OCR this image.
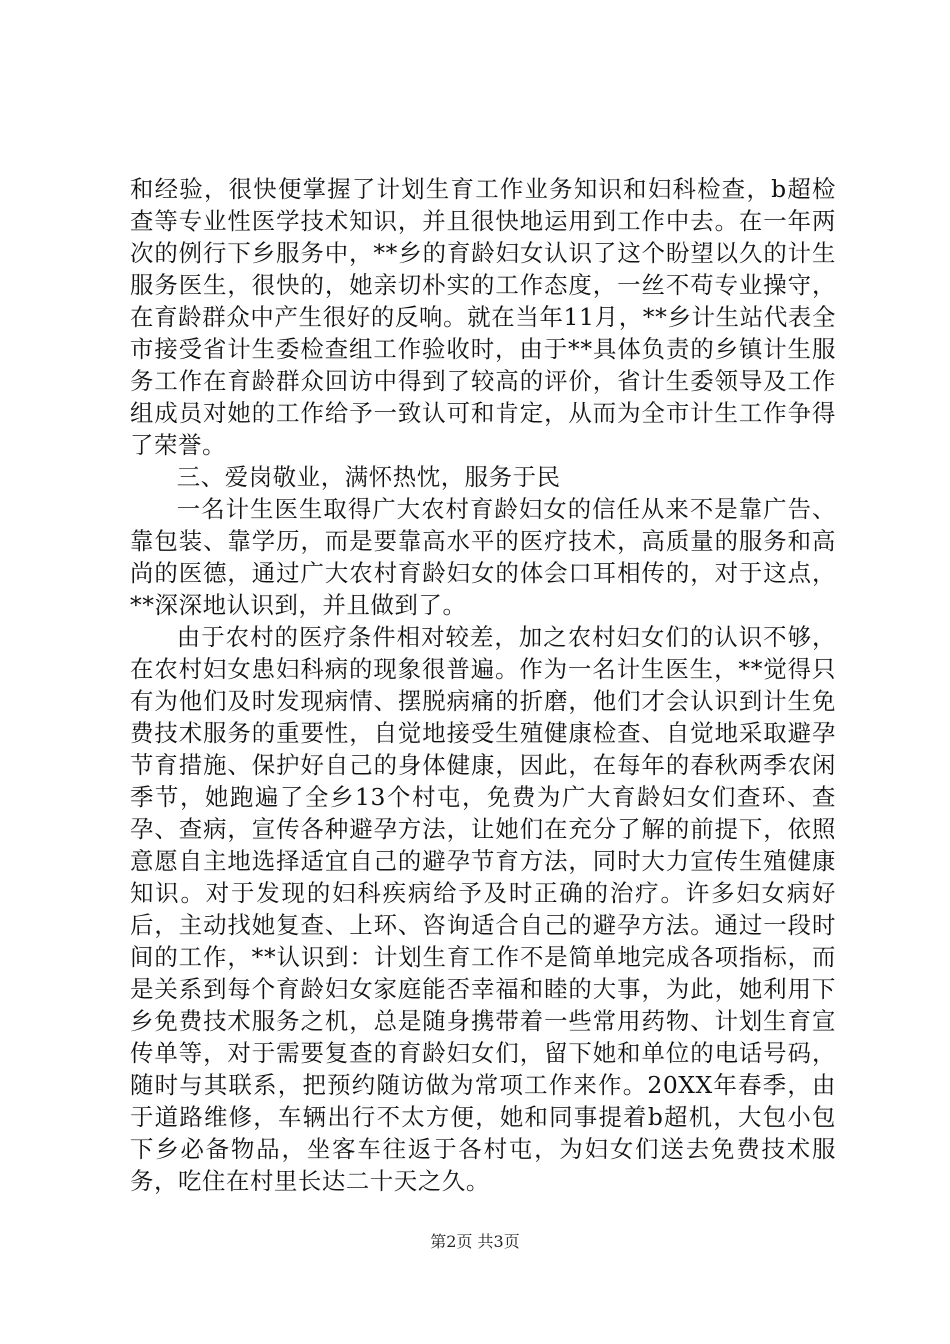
和经验，很快便掌握了计划生育工作业务知识和妇科检查，b超检查等专业性医学技术知识，并且很快地运用到工作中去。在一年两次的例行下乡服务中，**乡的育龄妇女认识了这个盼望以久的计生服务医生，很快的，她亲切朴实的工作态度，一丝不苟专业操守，在育龄群众中产生很好的反响。就在当年11月，**乡计生站代表全市接受省计生委检查组工作验收时，由于**具体负责的乡镇计生服务工作在育龄群众回访中得到了较高的评价，省计生委领导及工作组成员对她的工作给予一致认可和肯定，从而为全市计生工作争得了荣誉。

三、爱岗敬业，满怀热忱，服务于民

一名计生医生取得广大农村育龄妇女的信任从来不是靠广告、靠包装、靠学历，而是要靠高水平的医疗技术，高质量的服务和高尚的医德，通过广大农村育龄妇女的体会口耳相传的，对于这点，**深深地认识到，并且做到了。

由于农村的医疗条件相对较差，加之农村妇女们的认识不够，在农村妇女患妇科病的现象很普遍。作为一名计生医生，**觉得只有为他们及时发现病情、摆脱病痛的折磨，他们才会认识到计生免费技术服务的重要性，自觉地接受生殖健康检查、自觉地采取避孕节育措施、保护好自己的身体健康，因此，在每年的春秋两季农闲季节，她跑遍了全乡13个村屯，免费为广大育龄妇女们查环、查孕、查病，宣传各种避孕方法，让她们在充分了解的前提下，依照意愿自主地选择适宜自己的避孕节育方法，同时大力宣传生殖健康知识。对于发现的妇科疾病给予及时正确的治疗。许多妇女病好后，主动找她复查、上环、咨询适合自己的避孕方法。通过一段时间的工作，**认识到：计划生育工作不是简单地完成各项指标，而是关系到每个育龄妇女家庭能否幸福和睦的大事，为此，她利用下乡免费技术服务之机，总是随身携带着一些常用药物、计划生育宣传单等，对于需要复查的育龄妇女们，留下她和单位的电话号码，随时与其联系，把预约随访做为常项工作来作。20XX年春季，由于道路维修，车辆出行不太方便，她和同事提着b超机，大包小包下乡必备物品，坐客车往返于各村屯，为妇女们送去免费技术服务，吃住在村里长达二十天之久。

第2页 共3页
